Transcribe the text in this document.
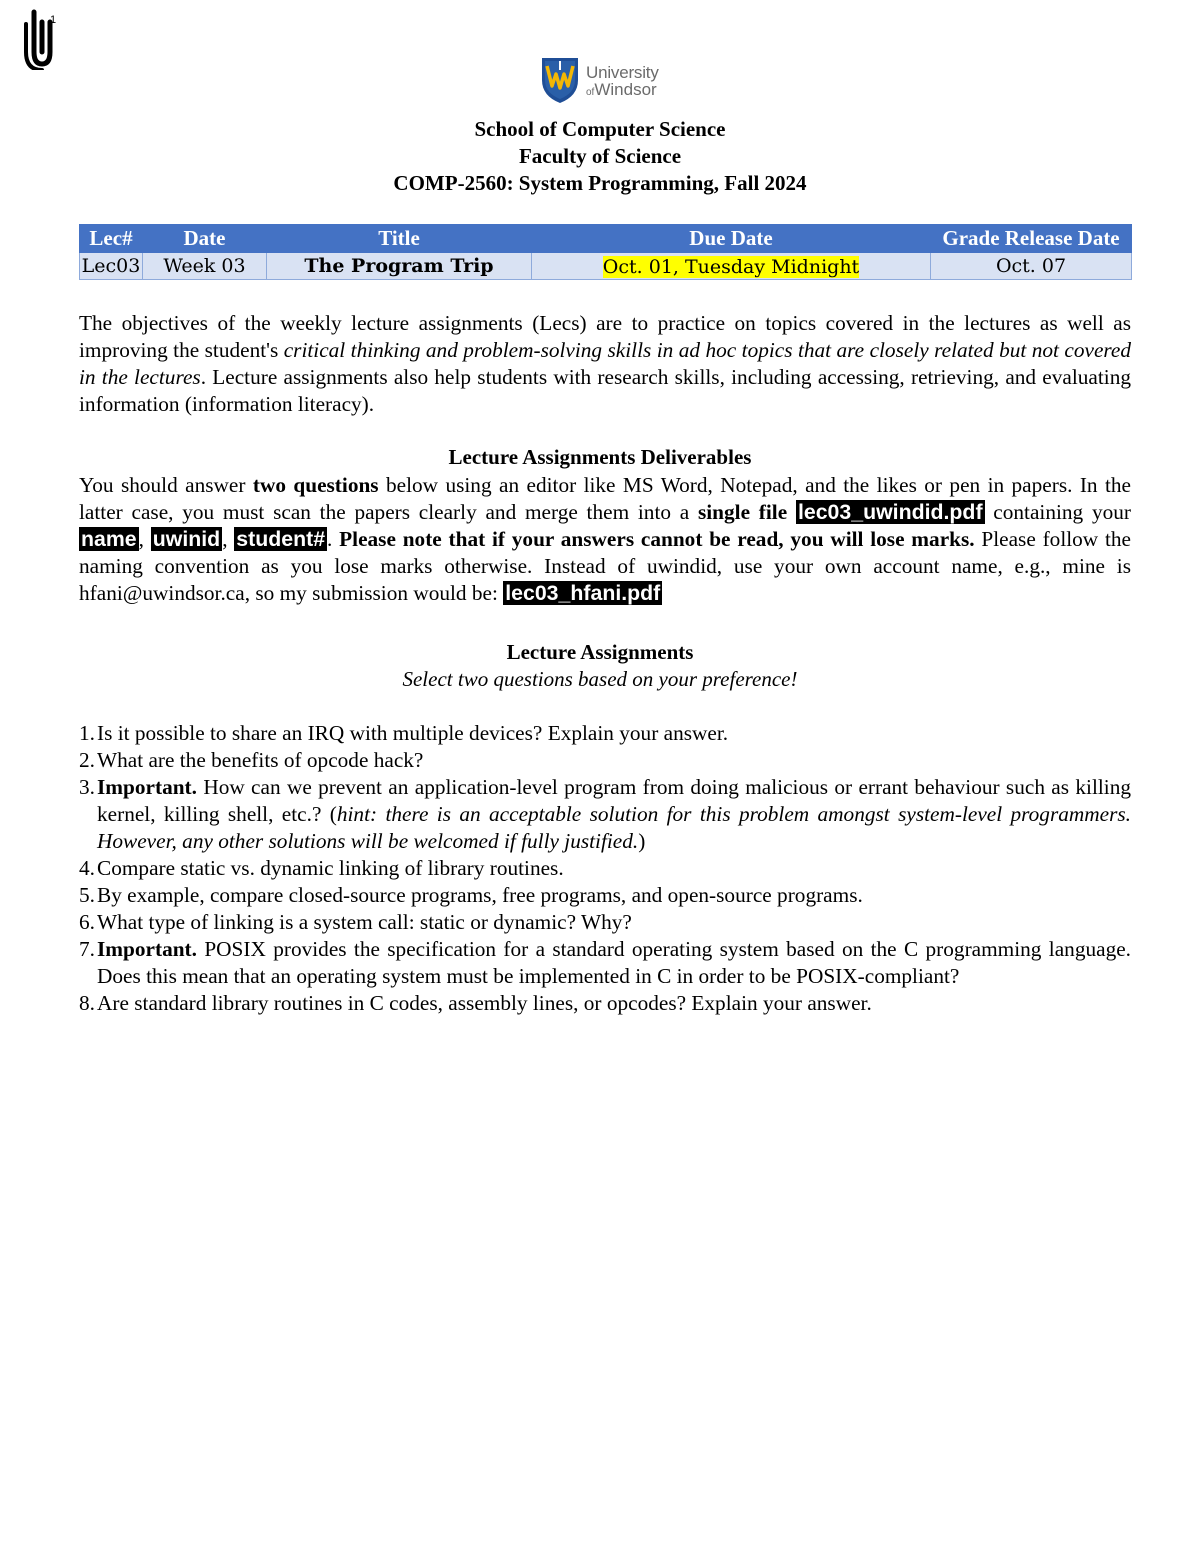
1
University
ofWindsor
School of Computer Science
Faculty of Science
COMP-2560: System Programming, Fall 2024
Lec#	Date	Title	Due Date	Grade Release Date
Lec03	Week 03	The Program Trip	Oct. 01, Tuesday Midnight	Oct. 07
The objectives of the weekly lecture assignments (Lecs) are to practice on topics covered in the lectures as well as improving the student's critical thinking and problem-solving skills in ad hoc topics that are closely related but not covered in the lectures. Lecture assignments also help students with research skills, including accessing, retrieving, and evaluating information (information literacy).
Lecture Assignments Deliverables
You should answer two questions below using an editor like MS Word, Notepad, and the likes or pen in papers. In the latter case, you must scan the papers clearly and merge them into a single file lec03_uwindid.pdf containing your name, uwinid, student#. Please note that if your answers cannot be read, you will lose marks. Please follow the naming convention as you lose marks otherwise. Instead of uwindid, use your own account name, e.g., mine is hfani@uwindsor.ca, so my submission would be: lec03_hfani.pdf
Lecture Assignments
Select two questions based on your preference!
1. Is it possible to share an IRQ with multiple devices? Explain your answer.
2. What are the benefits of opcode hack?
3. Important. How can we prevent an application-level program from doing malicious or errant behaviour such as killing kernel, killing shell, etc.? (hint: there is an acceptable solution for this problem amongst system-level programmers. However, any other solutions will be welcomed if fully justified.)
4. Compare static vs. dynamic linking of library routines.
5. By example, compare closed-source programs, free programs, and open-source programs.
6. What type of linking is a system call: static or dynamic? Why?
7. Important. POSIX provides the specification for a standard operating system based on the C programming language. Does this mean that an operating system must be implemented in C in order to be POSIX-compliant?
8. Are standard library routines in C codes, assembly lines, or opcodes? Explain your answer.
